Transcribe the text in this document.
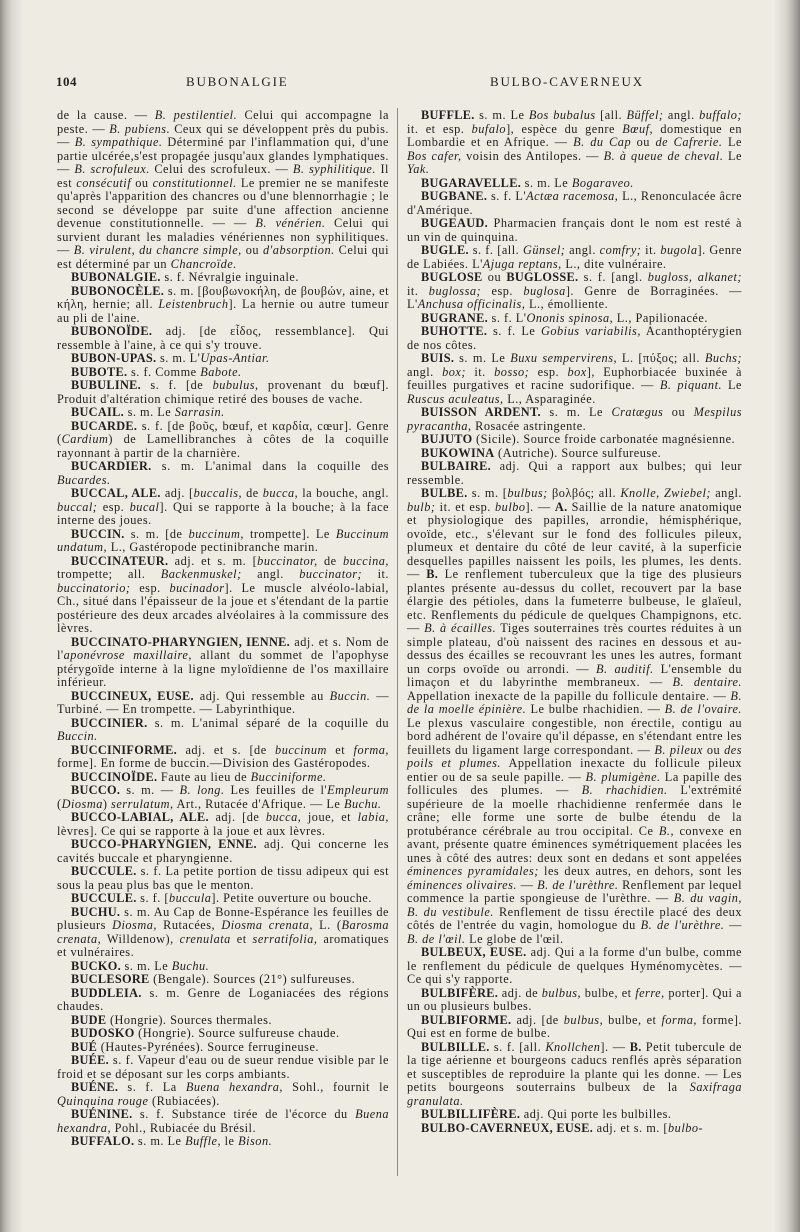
104	BUBONALGIE	BULBO-CAVERNEUX

de la cause. — B. pestilentiel. Celui qui accompagne la peste. — B. pubiens. Ceux qui se développent près du pubis. — B. sympathique. Déterminé par l'inflammation qui, d'une partie ulcérée,s'est propagée jusqu'aux glandes lymphatiques. — B. scrofuleux. Celui des scrofuleux. — B. syphilitique. Il est consécutif ou constitutionnel. Le premier ne se manifeste qu'après l'apparition des chancres ou d'une blennorrhagie ; le second se développe par suite d'une affection ancienne devenue constitutionnelle. — — B. vénérien. Celui qui survient durant les maladies vénériennes non syphilitiques. — B. virulent, du chancre simple, ou d'absorption. Celui qui est déterminé par un Chancroïde.

BUBONALGIE. s. f. Névralgie inguinale.

BUBONOCÈLE. s. m. [βουβωνοκήλη, de βουβών, aine, et κήλη, hernie; all. Leistenbruch]. La hernie ou autre tumeur au pli de l'aine.

BUBONOÏDE. adj. [de εἶδος, ressemblance]. Qui ressemble à l'aine, à ce qui s'y trouve.

BUBON-UPAS. s. m. L'Upas-Antiar.

BUBOTE. s. f. Comme Babote.

BUBULINE. s. f. [de bubulus, provenant du bœuf]. Produit d'altération chimique retiré des bouses de vache.

BUCAIL. s. m. Le Sarrasin.

BUCARDE. s. f. [de βοῦς, bœuf, et καρδία, cœur]. Genre (Cardium) de Lamellibranches à côtes de la coquille rayonnant à partir de la charnière.

BUCARDIER. s. m. L'animal dans la coquille des Bucardes.

BUCCAL, ALE. adj. [buccalis, de bucca, la bouche, angl. buccal; esp. bucal]. Qui se rapporte à la bouche; à la face interne des joues.

BUCCIN. s. m. [de buccinum, trompette]. Le Buccinum undatum, L., Gastéropode pectinibranche marin.

BUCCINATEUR. adj. et s. m. [buccinator, de buccina, trompette; all. Backenmuskel; angl. buccinator; it. buccinatorio; esp. bucinador]. Le muscle alvéolo-labial, Ch., situé dans l'épaisseur de la joue et s'étendant de la partie postérieure des deux arcades alvéolaires à la commissure des lèvres.

BUCCINATO-PHARYNGIEN, IENNE. adj. et s. Nom de l'aponévrose maxillaire, allant du sommet de l'apophyse ptérygoïde interne à la ligne myloïdienne de l'os maxillaire inférieur.

BUCCINEUX, EUSE. adj. Qui ressemble au Buccin. — Turbiné. — En trompette. — Labyrinthique.

BUCCINIER. s. m. L'animal séparé de la coquille du Buccin.

BUCCINIFORME. adj. et s. [de buccinum et forma, forme]. En forme de buccin.—Division des Gastéropodes.

BUCCINOÏDE. Faute au lieu de Bucciniforme.

BUCCO. s. m. — B. long. Les feuilles de l'Empleurum (Diosma) serrulatum, Art., Rutacée d'Afrique. — Le Buchu.

BUCCO-LABIAL, ALE. adj. [de bucca, joue, et labia, lèvres]. Ce qui se rapporte à la joue et aux lèvres.

BUCCO-PHARYNGIEN, ENNE. adj. Qui concerne les cavités buccale et pharyngienne.

BUCCULE. s. f. La petite portion de tissu adipeux qui est sous la peau plus bas que le menton.

BUCCULE. s. f. [buccula]. Petite ouverture ou bouche.

BUCHU. s. m. Au Cap de Bonne-Espérance les feuilles de plusieurs Diosma, Rutacées, Diosma crenata, L. (Barosma crenata, Willdenow), crenulata et serratifolia, aromatiques et vulnéraires.

BUCKO. s. m. Le Buchu.

BUCLESORE (Bengale). Sources (21°) sulfureuses.

BUDDLEIA. s. m. Genre de Loganiacées des régions chaudes.

BUDE (Hongrie). Sources thermales.

BUDOSKO (Hongrie). Source sulfureuse chaude.

BUÉ (Hautes-Pyrénées). Source ferrugineuse.

BUÉE. s. f. Vapeur d'eau ou de sueur rendue visible par le froid et se déposant sur les corps ambiants.

BUÉNE. s. f. La Buena hexandra, Sohl., fournit le Quinquina rouge (Rubiacées).

BUÉNINE. s. f. Substance tirée de l'écorce du Buena hexandra, Pohl., Rubiacée du Brésil.

BUFFALO. s. m. Le Buffle, le Bison.

BUFFLE. s. m. Le Bos bubalus [all. Büffel; angl. buffalo; it. et esp. bufalo], espèce du genre Bœuf, domestique en Lombardie et en Afrique. — B. du Cap ou de Cafrerie. Le Bos cafer, voisin des Antilopes. — B. à queue de cheval. Le Yak.

BUGARAVELLE. s. m. Le Bogaraveo.

BUGBANE. s. f. L'Actæa racemosa, L., Renonculacée âcre d'Amérique.

BUGEAUD. Pharmacien français dont le nom est resté à un vin de quinquina.

BUGLE. s. f. [all. Günsel; angl. comfry; it. bugola]. Genre de Labiées. L'Ajuga reptans, L., dite vulnéraire.

BUGLOSE ou BUGLOSSE. s. f. [angl. bugloss, alkanet; it. buglossa; esp. buglosa]. Genre de Borraginées. — L'Anchusa officinalis, L., émolliente.

BUGRANE. s. f. L'Ononis spinosa, L., Papilionacée.

BUHOTTE. s. f. Le Gobius variabilis, Acanthoptérygien de nos côtes.

BUIS. s. m. Le Buxu sempervirens, L. [πύξος; all. Buchs; angl. box; it. bosso; esp. box], Euphorbiacée buxinée à feuilles purgatives et racine sudorifique. — B. piquant. Le Ruscus aculeatus, L., Asparaginée.

BUISSON ARDENT. s. m. Le Cratægus ou Mespilus pyracantha, Rosacée astringente.

BUJUTO (Sicile). Source froide carbonatée magnésienne.

BUKOWINA (Autriche). Source sulfureuse.

BULBAIRE. adj. Qui a rapport aux bulbes; qui leur ressemble.

BULBE. s. m. [bulbus; βολβός; all. Knolle, Zwiebel; angl. bulb; it. et esp. bulbo]. — A. Saillie de la nature anatomique et physiologique des papilles, arrondie, hémisphérique, ovoïde, etc., s'élevant sur le fond des follicules pileux, plumeux et dentaire du côté de leur cavité, à la superficie desquelles papilles naissent les poils, les plumes, les dents. — B. Le renflement tuberculeux que la tige des plusieurs plantes présente au-dessus du collet, recouvert par la base élargie des pétioles, dans la fumeterre bulbeuse, le glaïeul, etc. Renflements du pédicule de quelques Champignons, etc. — B. à écailles. Tiges souterraines très courtes réduites à un simple plateau, d'où naissent des racines en dessous et au-dessus des écailles se recouvrant les unes les autres, formant un corps ovoïde ou arrondi. — B. auditif. L'ensemble du limaçon et du labyrinthe membraneux. — B. dentaire. Appellation inexacte de la papille du follicule dentaire. — B. de la moelle épinière. Le bulbe rhachidien. — B. de l'ovaire. Le plexus vasculaire congestible, non érectile, contigu au bord adhérent de l'ovaire qu'il dépasse, en s'étendant entre les feuillets du ligament large correspondant. — B. pileux ou des poils et plumes. Appellation inexacte du follicule pileux entier ou de sa seule papille. — B. plumigène. La papille des follicules des plumes. — B. rhachidien. L'extrémité supérieure de la moelle rhachidienne renfermée dans le crâne; elle forme une sorte de bulbe étendu de la protubérance cérébrale au trou occipital. Ce B., convexe en avant, présente quatre éminences symétriquement placées les unes à côté des autres: deux sont en dedans et sont appelées éminences pyramidales; les deux autres, en dehors, sont les éminences olivaires. — B. de l'urèthre. Renflement par lequel commence la partie spongieuse de l'urèthre. — B. du vagin, B. du vestibule. Renflement de tissu érectile placé des deux côtés de l'entrée du vagin, homologue du B. de l'urèthre. — B. de l'œil. Le globe de l'œil.

BULBEUX, EUSE. adj. Qui a la forme d'un bulbe, comme le renflement du pédicule de quelques Hyménomycètes. — Ce qui s'y rapporte.

BULBIFÈRE. adj. de bulbus, bulbe, et ferre, porter]. Qui a un ou plusieurs bulbes.

BULBIFORME. adj. [de bulbus, bulbe, et forma, forme]. Qui est en forme de bulbe.

BULBILLE. s. f. [all. Knollchen]. — B. Petit tubercule de la tige aérienne et bourgeons caducs renflés après séparation et susceptibles de reproduire la plante qui les donne. — Les petits bourgeons souterrains bulbeux de la Saxifraga granulata.

BULBILLIFÈRE. adj. Qui porte les bulbilles.

BULBO-CAVERNEUX, EUSE. adj. et s. m. [bulbo-
